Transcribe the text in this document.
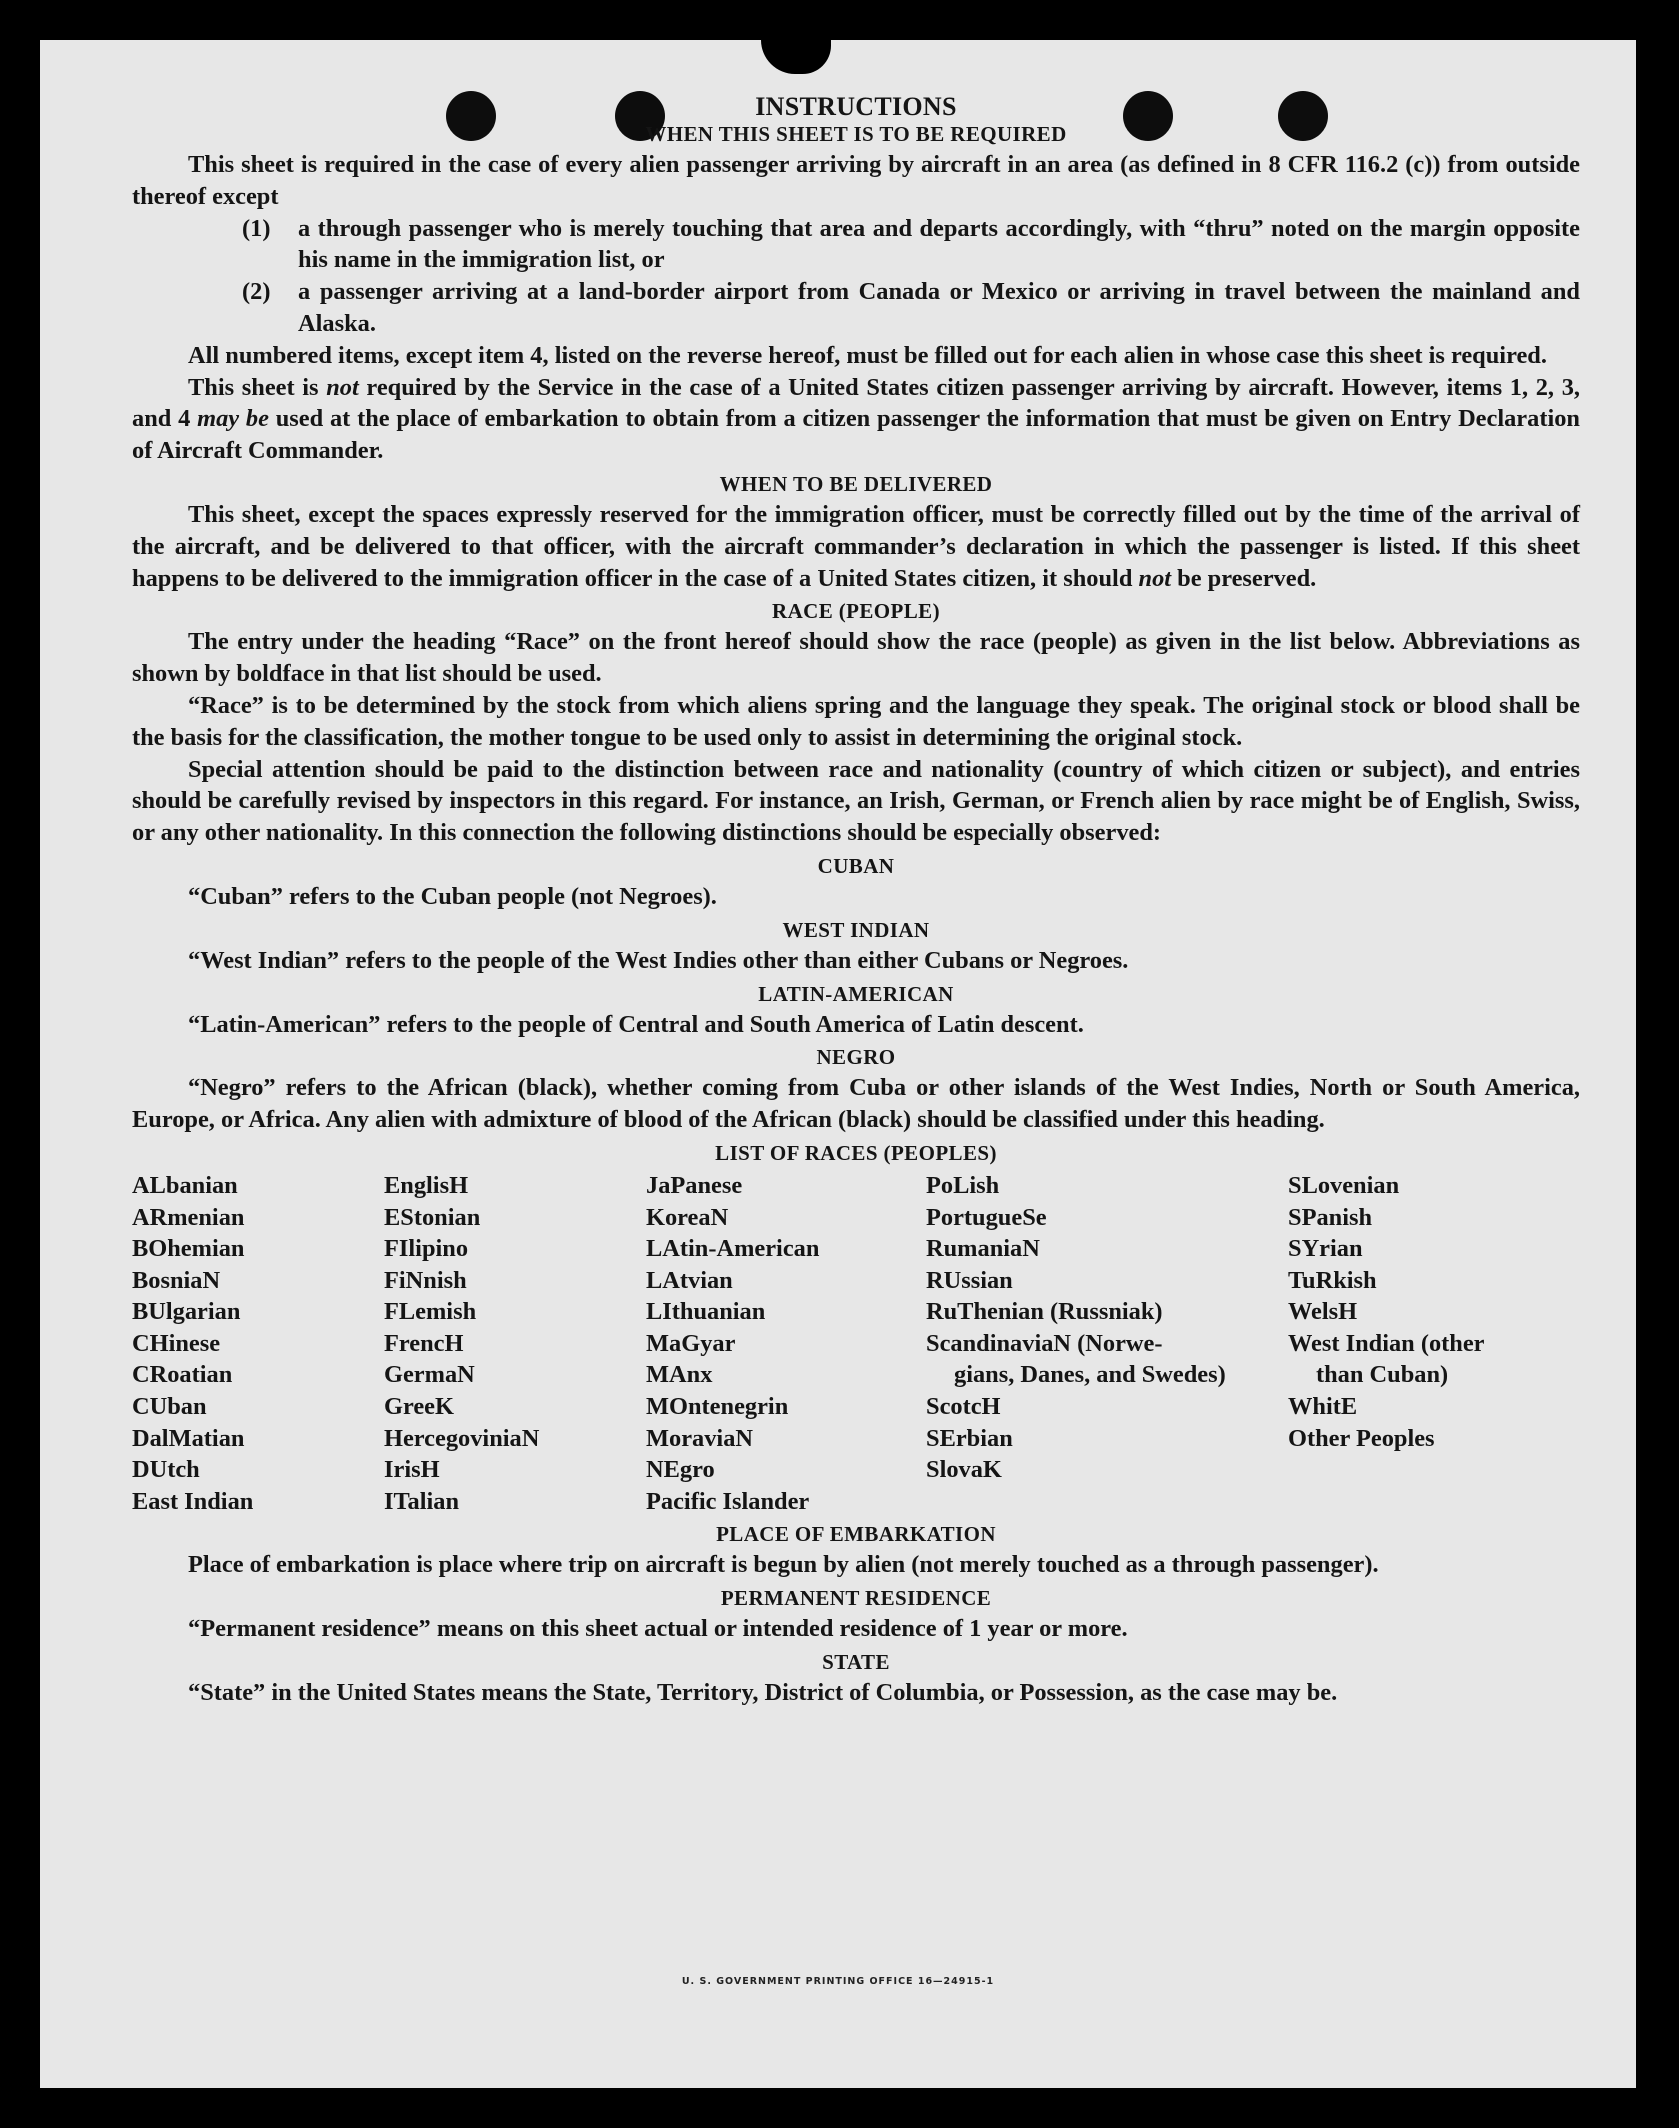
INSTRUCTIONS
WHEN THIS SHEET IS TO BE REQUIRED

This sheet is required in the case of every alien passenger arriving by aircraft in an area (as defined in 8 CFR 116.2 (c)) from outside thereof except

(1)	a through passenger who is merely touching that area and departs accordingly, with “thru” noted on the margin opposite his name in the immigration list, or
(2)	a passenger arriving at a land-border airport from Canada or Mexico or arriving in travel between the mainland and Alaska.

All numbered items, except item 4, listed on the reverse hereof, must be filled out for each alien in whose case this sheet is required.

This sheet is not required by the Service in the case of a United States citizen passenger arriving by aircraft. However, items 1, 2, 3, and 4 may be used at the place of embarkation to obtain from a citizen passenger the information that must be given on Entry Declaration of Aircraft Commander.

WHEN TO BE DELIVERED

This sheet, except the spaces expressly reserved for the immigration officer, must be correctly filled out by the time of the arrival of the aircraft, and be delivered to that officer, with the aircraft commander’s declaration in which the passenger is listed. If this sheet happens to be delivered to the immigration officer in the case of a United States citizen, it should not be preserved.

RACE (PEOPLE)

The entry under the heading “Race” on the front hereof should show the race (people) as given in the list below. Abbreviations as shown by boldface in that list should be used.

“Race” is to be determined by the stock from which aliens spring and the language they speak. The original stock or blood shall be the basis for the classification, the mother tongue to be used only to assist in determining the original stock.

Special attention should be paid to the distinction between race and nationality (country of which citizen or subject), and entries should be carefully revised by inspectors in this regard. For instance, an Irish, German, or French alien by race might be of English, Swiss, or any other nationality. In this connection the following distinctions should be especially observed:

CUBAN

“Cuban” refers to the Cuban people (not Negroes).

WEST INDIAN

“West Indian” refers to the people of the West Indies other than either Cubans or Negroes.

LATIN-AMERICAN

“Latin-American” refers to the people of Central and South America of Latin descent.

NEGRO

“Negro” refers to the African (black), whether coming from Cuba or other islands of the West Indies, North or South America, Europe, or Africa. Any alien with admixture of blood of the African (black) should be classified under this heading.

LIST OF RACES (PEOPLES)
ALbanian
ARmenian
BOhemian
BosniaN
BUlgarian
CHinese
CRoatian
CUban
DalMatian
DUtch
East Indian
EnglisH
EStonian
FIlipino
FiNnish
FLemish
FrencH
GermaN
GreeK
HercegoviniaN
IrisH
ITalian
JaPanese
KoreaN
LAtin-American
LAtvian
LIthuanian
MaGyar
MAnx
MOntenegrin
MoraviaN
NEgro
Pacific Islander
PoLish
PortugueSe
RumaniaN
RUssian
RuThenian (Russniak)
ScandinaviaN (Norwe-
gians, Danes, and Swedes)
ScotcH
SErbian
SlovaK
SLovenian
SPanish
SYrian
TuRkish
WelsH
West Indian (other
than Cuban)
WhitE
Other Peoples
PLACE OF EMBARKATION

Place of embarkation is place where trip on aircraft is begun by alien (not merely touched as a through passenger).

PERMANENT RESIDENCE

“Permanent residence” means on this sheet actual or intended residence of 1 year or more.

STATE

“State” in the United States means the State, Territory, District of Columbia, or Possession, as the case may be.

U. S. GOVERNMENT PRINTING OFFICE 16—24915-1
